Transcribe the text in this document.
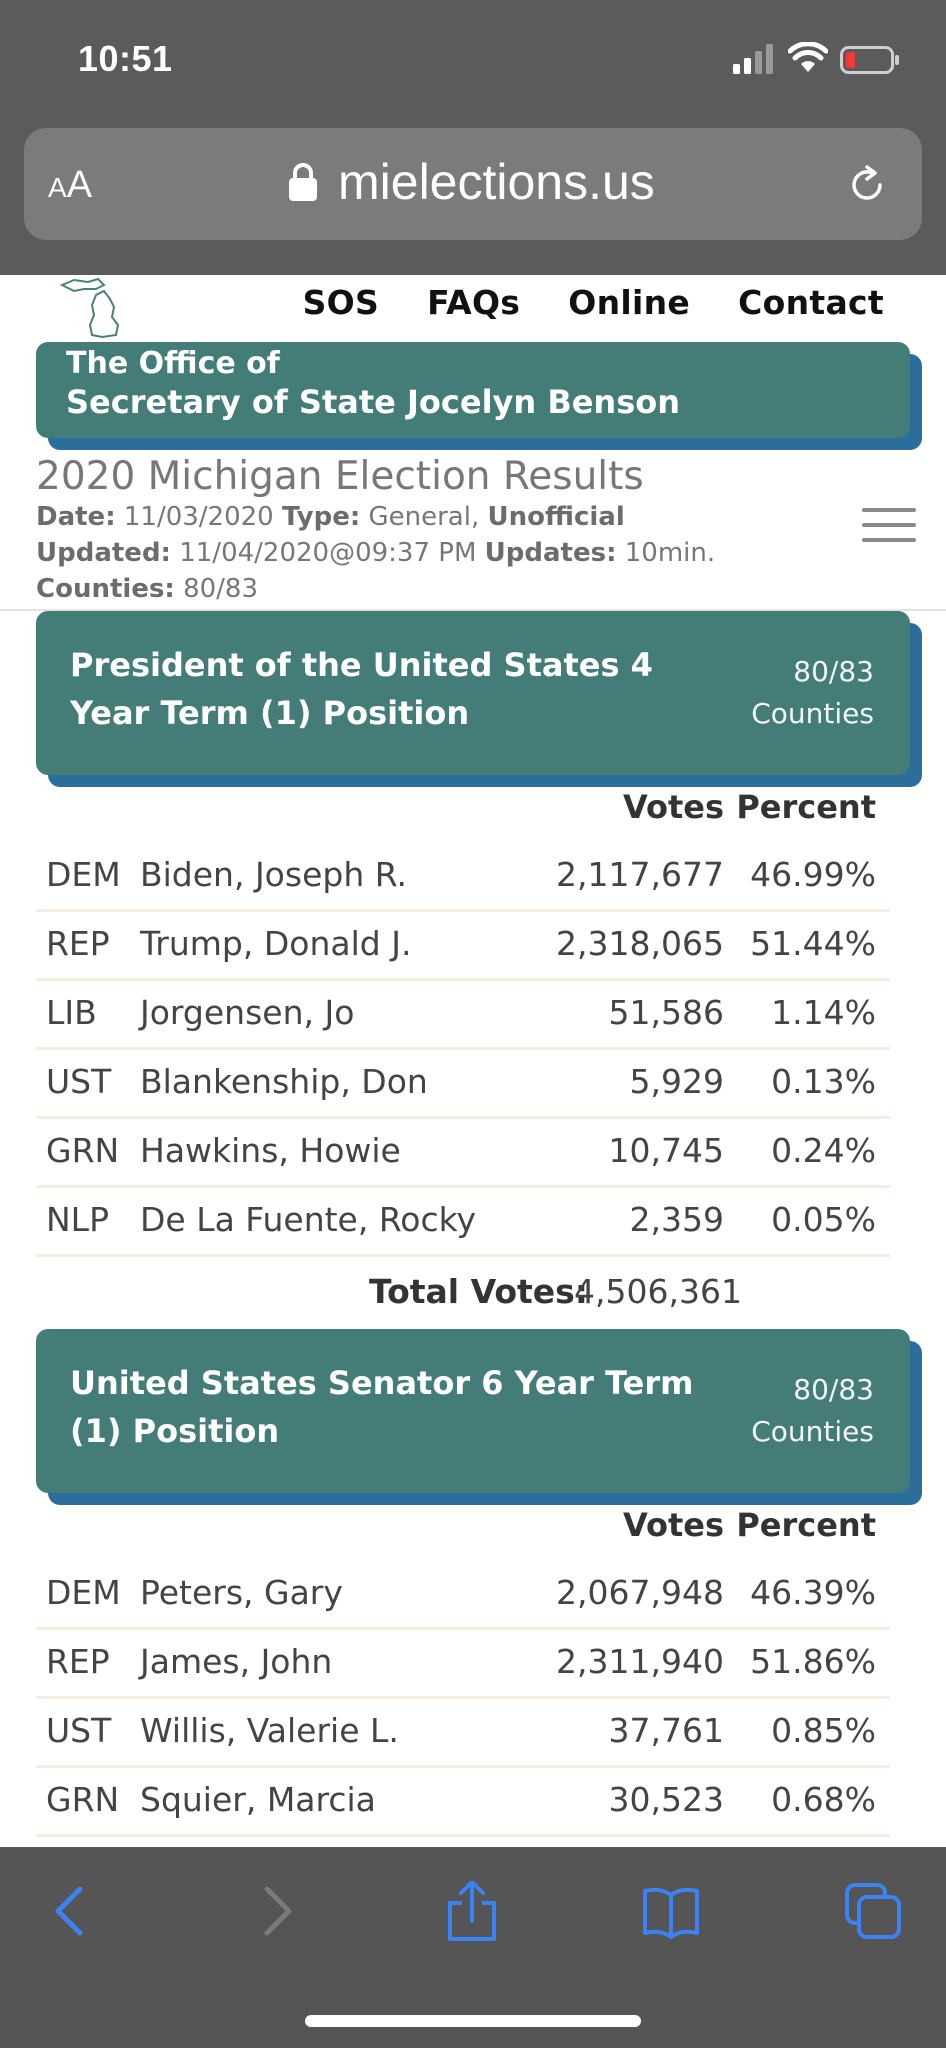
10:51
AA	mielections.us
SOS FAQs Online Contact
The Office of
Secretary of State Jocelyn Benson
2020 Michigan Election Results
Date: 11/03/2020 Type: General, Unofficial
Updated: 11/04/2020@09:37 PM Updates: 10min.
Counties: 80/83
President of the United States 4 Year Term (1) Position
80/83
Counties
Votes Percent
DEM Biden, Joseph R.	2,117,677 46.99%
REP Trump, Donald J.	2,318,065 51.44%
LIB Jorgensen, Jo	51,586 1.14%
UST Blankenship, Don	5,929 0.13%
GRN Hawkins, Howie	10,745 0.24%
NLP De La Fuente, Rocky	2,359 0.05%
Total Votes:
4,506,361
United States Senator 6 Year Term (1) Position
80/83
Counties
Votes Percent
DEM Peters, Gary	2,067,948 46.39%
REP James, John	2,311,940 51.86%
UST Willis, Valerie L.	37,761 0.85%
GRN Squier, Marcia	30,523 0.68%
